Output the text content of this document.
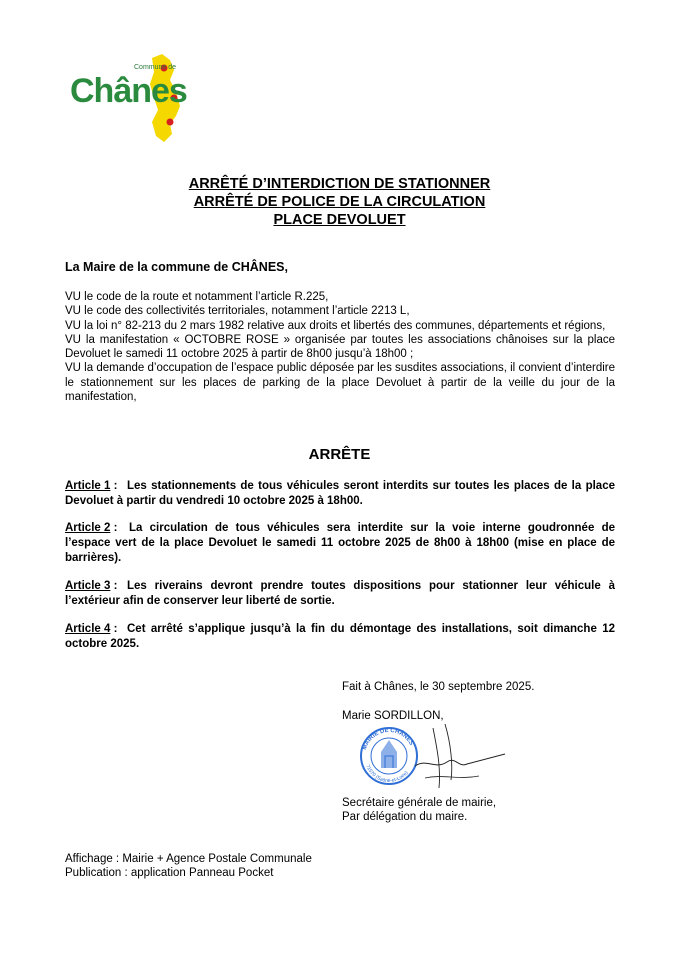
Commune de
Chânes
ARRÊTÉ D’INTERDICTION DE STATIONNER
ARRÊTÉ DE POLICE DE LA CIRCULATION
PLACE DEVOLUET
La Maire de la commune de CHÂNES,

VU le code de la route et notamment l’article R.225,

VU le code des collectivités territoriales, notamment l’article 2213 L,

VU la loi n° 82-213 du 2 mars 1982 relative aux droits et libertés des communes, départements et régions,

VU la manifestation « OCTOBRE ROSE » organisée par toutes les associations chânoises sur la place Devoluet le samedi 11 octobre 2025 à partir de 8h00 jusqu’à 18h00 ;

VU la demande d’occupation de l’espace public déposée par les susdites associations, il convient d’interdire le stationnement sur les places de parking de la place Devoluet à partir de la veille du jour de la manifestation,

ARRÊTE
Article 1 : Les stationnements de tous véhicules seront interdits sur toutes les places de la place Devoluet à partir du vendredi 10 octobre 2025 à 18h00.
Article 2 :	La circulation de tous véhicules sera interdite sur la voie interne goudronnée de l’espace vert de la place Devoluet le samedi 11 octobre 2025 de 8h00 à 18h00 (mise en place de barrières).
Article 3 : Les riverains devront prendre toutes dispositions pour stationner leur véhicule à l’extérieur afin de conserver leur liberté de sortie.
Article 4 : Cet arrêté s’applique jusqu’à la fin du démontage des installations, soit dimanche 12 octobre 2025.
Fait à Chânes, le 30 septembre 2025.
Marie SORDILLON,
MAIRIE DE CHÂNES
71570 (Saône-et-Loire)
Secrétaire générale de mairie,
Par délégation du maire.
Affichage : Mairie + Agence Postale Communale
Publication : application Panneau Pocket
